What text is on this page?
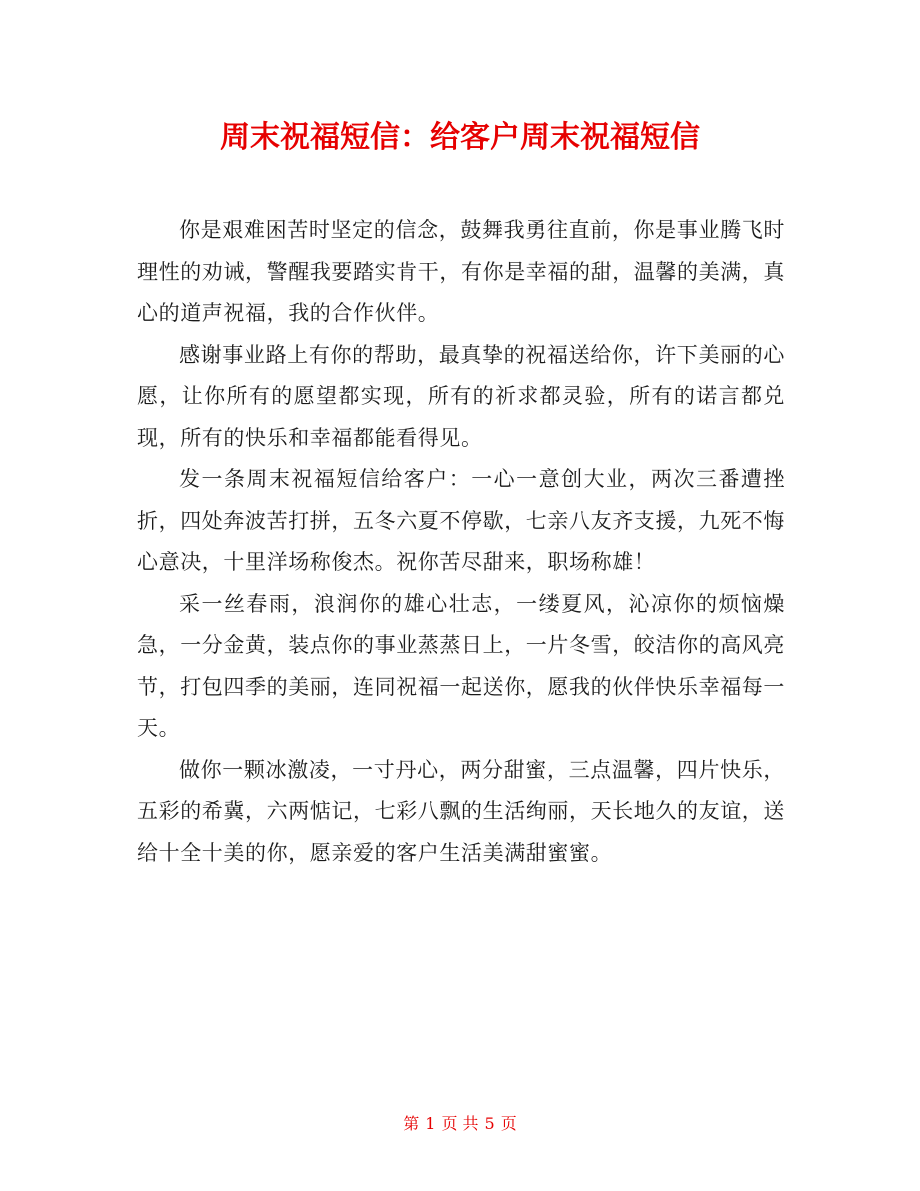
周末祝福短信：给客户周末祝福短信

你是艰难困苦时坚定的信念，鼓舞我勇往直前，你是事业腾飞时理性的劝诫，警醒我要踏实肯干，有你是幸福的甜，温馨的美满，真心的道声祝福，我的合作伙伴。

感谢事业路上有你的帮助，最真挚的祝福送给你，许下美丽的心愿，让你所有的愿望都实现，所有的祈求都灵验，所有的诺言都兑现，所有的快乐和幸福都能看得见。

发一条周末祝福短信给客户：一心一意创大业，两次三番遭挫折，四处奔波苦打拼，五冬六夏不停歇，七亲八友齐支援，九死不悔心意决，十里洋场称俊杰。祝你苦尽甜来，职场称雄！

采一丝春雨，浪润你的雄心壮志，一缕夏风，沁凉你的烦恼燥急，一分金黄，装点你的事业蒸蒸日上，一片冬雪，皎洁你的高风亮节，打包四季的美丽，连同祝福一起送你，愿我的伙伴快乐幸福每一天。

做你一颗冰激凌，一寸丹心，两分甜蜜，三点温馨，四片快乐，五彩的希冀，六两惦记，七彩八飘的生活绚丽，天长地久的友谊，送给十全十美的你，愿亲爱的客户生活美满甜蜜蜜。

第 1 页 共 5 页
